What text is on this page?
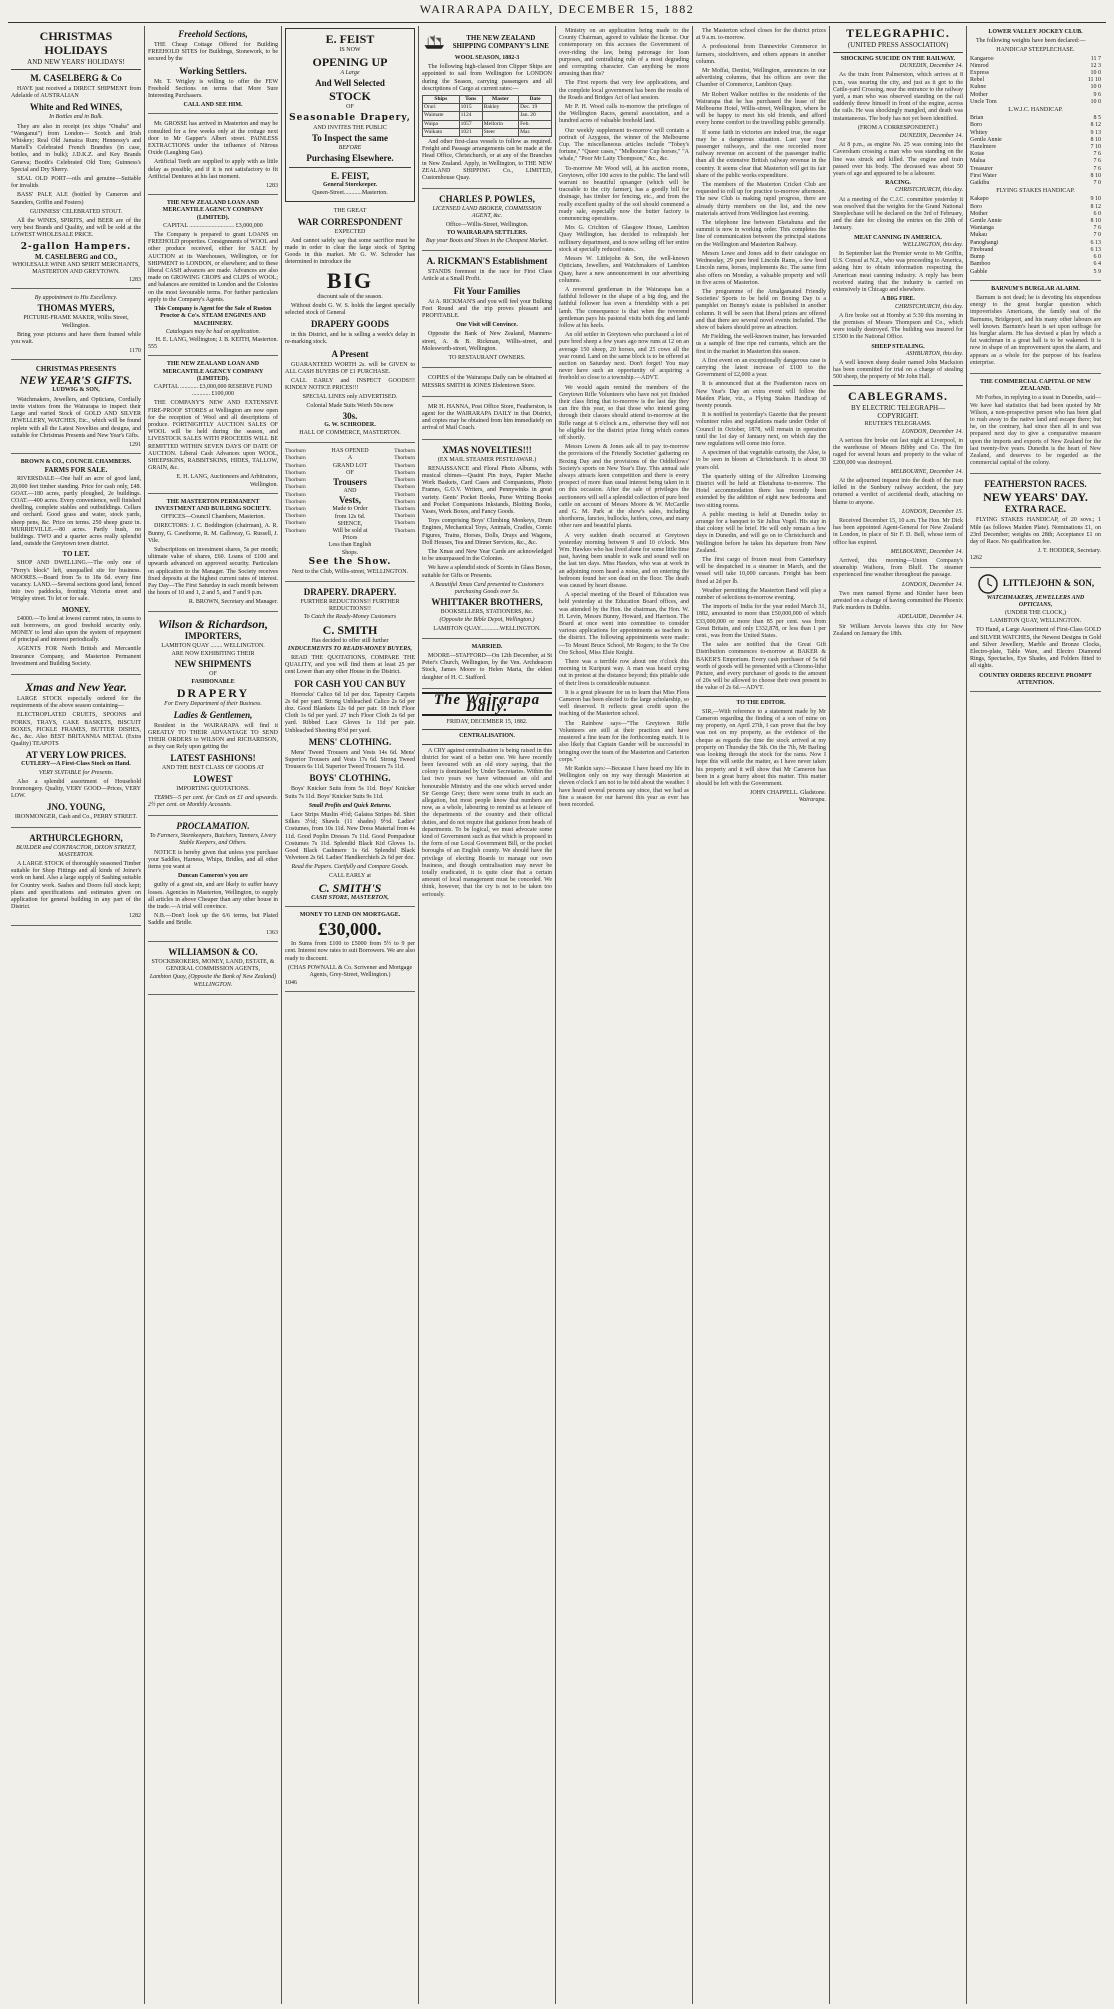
WAIRARAPA DAILY, DECEMBER 15, 1882
CHRISTMAS HOLIDAYS
AND NEW YEARS' HOLIDAYS!
M. CASELBERG & Co

HAVE just received a DIRECT SHIPMENT from Adelaide of AUSTRALIAN

White and Red WINES,
In Bottles and in Bulk.

They are also in receipt (ex ships "Onaba" and "Wanganui") from London— Scotch and Irish Whiskey; Real Old Jamaica Rum; Hennessy's and Martell's Celebrated French Brandies (in case, bottles, and in bulk); J.D.K.Z. and Key Brands Geneva; Booth's Celebrated Old Tom; Guinness's Special and Dry Sherry.

SEAL OLD PORT—oils and genuine—Suitable for invalids

BASS' PALE ALE (bottled by Cameron and Saunders, Griffin and Fosters)

GUINNESS' CELEBRATED STOUT.

All the WINES, SPIRITS, and BEER are of the very best Brands and Quality, and will be sold at the LOWEST WHOLESALE PRICE.

2-gallon Hampers.
M. CASELBERG and CO.,
WHOLESALE WINE AND SPIRIT MERCHANTS, MASTERTON AND GREYTOWN.
1283
By appointment to His Excellency.
THOMAS MYERS,
PICTURE-FRAME MAKER, Willis Street, Wellington.

Bring your pictures and have them framed while you wait.

1170
CHRISTMAS PRESENTS
NEW YEAR'S GIFTS.
LUDWIG & SON,

Watchmakers, Jewellers, and Opticians, Cordially invite visitors from the Wairarapa to inspect their Large and varied Stock of GOLD AND SILVER JEWELLERY, WATCHES, Etc., which will be found replete with all the Latest Novelties and designs, and suitable for Christmas Presents and New Year's Gifts.

1291
BROWN & CO., COUNCIL CHAMBERS.
FARMS FOR SALE.

RIVERSDALE—One half an acre of good land, 20,000 feet timber standing. Price for cash only, £48. GOAT.—180 acres, partly ploughed, 2e buildings. COAT.—400 acres. Every convenience, well finished dwelling, complete stables and outbuildings. Cellars and orchard. Good grass and water, stock yards, sheep pens, &c. Price on terms. 250 sheep graze in. MURRIEVILLE.—80 acres. Partly bush, no buildings. TWO and a quarter acres really splendid land, outside the Greytown town district.

TO LET.

SHOP AND DWELLING.—The only one of "Perry's block" left, unequalled site for business. MOORES.—Board from 5s to 18s 6d. every fine vacancy. LAND.—Several sections good land, fenced into two paddocks, fronting Victoria street and Wrigley street. To let or for sale.

MONEY.

£4000.—To lend at lowest current rates, in sums to suit borrowers, on good freehold security only. MONEY to lend also upon the system of repayment of principal and interest periodically.

AGENTS FOR North British and Mercantile Insurance Company, and Masterton Permanent Investment and Building Society.

Xmas and New Year.

LARGE STOCK especially ordered for the requirements of the above season containing—

ELECTROPLATED CRUETS, SPOONS and FORKS, TRAYS, CAKE BASKETS, BISCUIT BOXES, PICKLE FRAMES, BUTTER DISHES, &c., &c. Also BEST BRITANNIA METAL (Extra Quality) TEAPOTS

AT VERY LOW PRICES.
CUTLERY—A First-Class Stock on Hand.
VERY SUITABLE for Presents.

Also a splendid assortment of Household Ironmongery. Quality, VERY GOOD—Prices, VERY LOW.

JNO. YOUNG,
IRONMONGER, Cash and Co., PERRY STREET.
ARTHURCLEGHORN,
BUILDER and CONTRACTOR, DIXON STREET, MASTERTON.

A LARGE STOCK of thoroughly seasoned Timber suitable for Shop Fittings and all kinds of Joiner's work on hand. Also a large supply of Sashing suitable for Country work. Sashes and Doors full stock kept; plans and specifications and estimates given on application for general building in any part of the District.

1282
Freehold Sections,

THE Cheap Cottage Offered for Building FREEHOLD SITES for Buildings, Stonework, to be secured by the

Working Settlers.

Mr. T. Wrigley is willing to offer the FEW Freehold Sections on terms that More Sure Interesting Purchasers.

CALL AND SEE HIM.

Mr. GROSSE has arrived in Masterton and may be consulted for a few weeks only at the cottage next door to Mr Gapper's Albert street. PAINLESS EXTRACTIONS under the influence of Nitrous Oxide (Laughing Gas).

Artificial Teeth are supplied to apply with as little delay as possible, and if it is not satisfactory to fit Artificial Dentures at his last moment.

1283
THE NEW ZEALAND LOAN AND MERCANTILE AGENCY COMPANY (LIMITED).
CAPITAL .............................. £3,000,000

The Company is prepared to grant LOANS on FREEHOLD properties. Consignments of WOOL and other produce received, either for SALE by AUCTION at its Warehouses, Wellington, or for SHIPMENT to LONDON, or elsewhere; and to these liberal CASH advances are made. Advances are also made on GROWING CROPS and CLIPS of WOOL; and balances are remitted in London and the Colonies on the most favourable terms. For further particulars apply to the Company's Agents.

This Company is Agent for the Sale of Ruston Proctor & Co's. STEAM ENGINES AND MACHINERY.
Catalogues may be had on application.
H. E. LANG, Wellington; J. B. KEITH, Masterton.
555
THE NEW ZEALAND LOAN AND MERCANTILE AGENCY COMPANY (LIMITED).
CAPITAL ............ £3,000,000 RESERVE FUND ............ £100,000

THE COMPANY'S NEW AND EXTENSIVE FIRE-PROOF STORES at Wellington are now open for the reception of Wool and all descriptions of produce. FORTNIGHTLY AUCTION SALES OF WOOL will be held during the season, and LIVESTOCK SALES WITH PROCEEDS WILL BE REMITTED WITHIN SEVEN DAYS OF DATE OF AUCTION. Liberal Cash Advances upon WOOL, SHEEPSKINS, RABBITSKINS, HIDES, TALLOW, GRAIN, &c.

E. H. LANG, Auctioneers and Arbitrators, Wellington.
THE MASTERTON PERMANENT INVESTMENT AND BUILDING SOCIETY.
OFFICES—Council Chambers, Masterton.

DIRECTORS: J. C. Boddington (chairman), A. R. Bunny, G. Cawthorne, R. M. Galloway, G. Russell, J. Vile.

Subscriptions on investment shares, 5s per month; ultimate value of shares, £60. Loans of £100 and upwards advanced on approved security. Particulars on application to the Manager. The Society receives fixed deposits at the highest current rates of interest. Pay Day—The First Saturday in each month between the hours of 10 and 1, 2 and 5, and 7 and 9 p.m.

R. BROWN, Secretary and Manager.
Wilson & Richardson,
IMPORTERS,
LAMBTON QUAY ........ WELLINGTON.
ARE NOW EXHIBITING THEIR
NEW SHIPMENTS
OF
FASHIONABLE
DRAPERY
For Every Department of their Business.
Ladies & Gentlemen,

Resident in the WAIRARAPA will find it GREATLY TO THEIR ADVANTAGE TO SEND THEIR ORDERS to WILSON and RICHARDSON, as they can Rely upon getting the

LATEST FASHIONS!
AND THE BEST CLASS OF GOODS AT
LOWEST
IMPORTING QUOTATIONS.

TERMS—5 per cent. for Cash on £1 and upwards. 2½ per cent. on Monthly Accounts.

PROCLAMATION.
To Farmers, Storekeepers, Butchers, Tanners, Livery Stable Keepers, and Others.

NOTICE is hereby given that unless you purchase your Saddles, Harness, Whips, Bridles, and all other items you want at

Duncan Cameron's you are

guilty of a great sin, and are likely to suffer heavy losses. Agencies in Masterton, Wellington, to supply all articles in above Cheaper than any other house in the trade.—A trial will convince.

N.B.—Don't look up the 6/6 terms, but Plated Saddle and Bridle.

1363
WILLIAMSON & CO.
STOCKBROKERS, MONEY, LAND, ESTATE, & GENERAL COMMISSION AGENTS,
Lambton Quay, (Opposite the Bank of New Zealand) WELLINGTON.
E. FEIST
IS NOW
OPENING UP
A Large
And Well Selected
STOCK
OF
Seasonable Drapery,
AND INVITES THE PUBLIC
To Inspect the same
BEFORE
Purchasing Elsewhere.
E. FEIST,
General Storekeeper.
Queen-Street............Masterton.
THE GREAT
WAR CORRESPONDENT
EXPECTED

And cannot safely say that some sacrifice must be made in order to clear the large stock of Spring Goods in this market. Mr G. W. Schroder has determined to introduce the

BIG
discount sale of the season.

Without doubt G. W. S. holds the largest specially selected stock of General

DRAPERY GOODS

in this District, and he is selling a week's delay in re-marking stock.

A Present

GUARANTEED WORTH 2s. will be GIVEN to ALL CASH BUYERS OF £1 PURCHASE.

CALL EARLY and INSPECT GOODS!!! KINDLY NOTICE PRICES!!!

SPECIAL LINES only ADVERTISED.
Colonial Made Suits Worth 50s now
30s.
G. W. SCHRODER.
HALL OF COMMERCE, MASTERTON.
Thorburn
Thorburn
Thorburn
Thorburn
Thorburn
Thorburn
Thorburn
Thorburn
Thorburn
Thorburn
Thorburn
Thorburn
HAS OPENED
A
GRAND LOT
OF
Trousers
AND
Vests,
Made to Order
from 12s 6d.
SHENCE,
Will be sold at
Prices
Less than English
Shops.
Thorburn
Thorburn
Thorburn
Thorburn
Thorburn
Thorburn
Thorburn
Thorburn
Thorburn
Thorburn
Thorburn
Thorburn
See the Show.
Next to the Club, Willis-street, WELLINGTON.
DRAPERY. DRAPERY.
FURTHER REDUCTIONS!! FURTHER REDUCTIONS!!
To Catch the Ready-Money Customers
C. SMITH
Has decided to offer still further
INDUCEMENTS TO READY-MONEY BUYERS,

READ THE QUOTATIONS, COMPARE THE QUALITY, and you will find them at least 25 per cent Lower than any other House in the District.

FOR CASH YOU CAN BUY

Horrocks' Calico 6d 1d per doz. Tapestry Carpets 2s 6d per yard. Strong Unbleached Calico 2s 6d per doz. Good Blankets 12s 6d per pair. 18 inch Floor Cloth 1s 6d per yard. 27 inch Floor Cloth 2s 6d per yard. Ribbed Lace Gloves 1s 11d per pair. Unbleached Sheeting 8½d per yard.

MENS' CLOTHING.

Mens' Tweed Trousers and Vests 14s 6d. Mens' Superior Trousers and Vests 17s 6d. Strong Tweed Trousers 6s 11d. Superior Tweed Trousers 7s 11d.

BOYS' CLOTHING.

Boys' Knicker Suits from 5s 11d. Boys' Knicker Suits 7s 11d. Boys' Knicker Suits 9s 11d.

Small Profits and Quick Returns.

Lace Strips Muslin 4½d; Galatea Stripes 8d. Shirt Silkes 3½d; Shawls (11 shades) 9½d. Ladies' Costumes, from 10s 11d. New Dress Material from 4s 11d. Good Poplin Dresses 7s 11d. Good Pompadour Costumes 7s 11d. Splendid Black Kid Gloves 1s. Good Black Cashmere 1s 6d. Splendid Black Velveteen 2s 6d. Ladies' Handkerchiefs 2s 6d per doz.

Read the Papers. Cartfully and Compare Goods.
CALL EARLY at
C. SMITH'S
CASH STORE, MASTERTON,
MONEY TO LEND ON MORTGAGE.
£30,000.

In Sums from £100 to £5000 from 5½ to 9 per cent. Interest now rates to suit Borrowers. We are also ready to discount.

(CHAS POWNALL & Co. Scrivener and Mortgage Agents, Grey-Street, Wellington.)
1046
THE NEW ZEALAND SHIPPING COMPANY'S LINE
WOOL SEASON, 1882-3

The following high-classed Iron Clipper Ships are appointed to sail from Wellington for LONDON during the Season, carrying passengers and all descriptions of Cargo at current rates:—

Ships	Tons	Master	Date
Orari	1015	Bakley	Dec. 19
Waimate	1124		Jan. 20
Waipa	1057	Mellorin	Feb.
Waikato	1021	Steer	Mar.

And other first-class vessels to follow as required. Freight and Passage arrangements can be made at the Head Office, Christchurch, or at any of the Branches in New Zealand. Apply, in Wellington, to THE NEW ZEALAND SHIPPING Co., LIMITED, Customhouse Quay.

CHARLES P. POWLES,
LICENSED LAND BROKER, COMMISSION AGENT, &c.
Office—Willis-Street, Wellington.
TO WAIRARAPA SETTLERS.
Buy your Boots and Shoes in the Cheapest Market.
A. RICKMAN'S Establishment

STANDS foremost in the race for First Class Article at a Small Profit.

Fit Your Families

At A. RICKMAN'S and you will feel your Bulking Feet Round and the trip proves pleasant and PROFITABLE.

One Visit will Convince.

Opposite the Bank of New Zealand, Manners-street, A. & B. Rickman, Willis-street, and Molesworth-street, Wellington.

TO RESTAURANT OWNERS.

COPIES of the Wairarapa Daily can be obtained at MESSRS SMITH & JONES Ebdentown Store.

MR H. HANNA, Post Office Store, Featherston, is agent for the WAIRARAPA DAILY in that District, and copies may be obtained from him immediately on arrival of Mail Coach.

XMAS NOVELTIES!!!
(EX MAIL STEAMER PESTEJAWAR.)

RENAISSANCE and Floral Photo Albums, with musical chimes—Quaint Pin trays, Papier Mache Work Baskets, Card Cases and Companions, Photo Frames, G.O.V. Writers, and Pennywinks in great variety. Gents' Pocket Books, Purse Writing Books and Pocket Companions Inkstands, Blotting Books, Vases, Work Boxes, and Fancy Goods.

Toys comprising Boys' Climbing Monkeys, Drum Engines, Mechanical Toys, Animals, Cradles, Comic Figures, Trains, Horses, Dolls, Drays and Wagons, Doll Houses, Tea and Dinner Services, &c., &c.

The Xmas and New Year Cards are acknowledged to be unsurpassed in the Colonies.

We have a splendid stock of Scents in Glass Boxes, suitable for Gifts or Presents.

A Beautiful Xmas Card presented to Customers purchasing Goods over 5s.
WHITTAKER BROTHERS,
BOOKSELLERS, STATIONERS, &c.
(Opposite the Bible Depot, Wellington.)
LAMBTON QUAY.............WELLINGTON.
MARRIED.

MOORE—STAFFORD—On 12th December, at St Peter's Church, Wellington, by the Ven. Archdeacon Stock, James Moore to Helen Maria, the eldest daughter of H. C. Stafford.

The Wairarapa Daily.
FRIDAY, DECEMBER 15, 1882.
CENTRALISATION.

A CRY against centralisation is being raised in this district for want of a better one. We have recently been favoured with an old story saying, that the colony is dominated by Under Secretaries. Within the last two years we have witnessed an old and honourable Ministry and the one which served under Sir George Grey; there were some truth in such an allegation, but most people know that numbers are now, as a whole, labouring to remind us at leisure of the departments of the country and their official duties, and do not require that guidance from heads of departments. To be logical, we must advocate some kind of Government such as that which is proposed in the form of our Local Government Bill, or the pocket boroughs of an English county. We should have the privilege of electing Boards to manage our own business, and though centralisation may never be totally eradicated, it is quite clear that a certain amount of local management must be conceded. We think, however, that the cry is not to be taken too seriously.

Ministry on an application being made to the County Chairman, agreed to validate the license. Our contemporary on this accuses the Government of over-riding the law, being patronage for loan purposes, and centralising rule of a most degrading and corrupting character. Can anything be more amusing than this?

The First reports that very few applications, and the complete local government has been the results of the Roads and Bridges Act of last session.

Mr P. H. Wood calls to-morrow the privileges of the Wellington Races, general association, and a hundred acres of valuable freehold land.

Our weekly supplement to-morrow will contain a portrait of Azygous, the winner of the Melbourne Cup. The miscellaneous articles include "Tobey's fortune," "Queer cases," "Melbourne Cup horses," "A whale," "Poor Mr Laity Thompson," &c., &c.

To-morrow Mr Wood will, at his auction rooms, Greytown, offer 100 acres to the public. The land will warrant no beautiful upsanger (which will be traceable to the city farmer), has a goodly bill for drainage, has timber for fencing, etc., and from the really excellent quality of the soil should commend a ready sale, especially now the butter factory is commencing operations.

Mrs G. Crichton of Glasgow House, Lambton Quay Wellington, has decided to relinquish her millinery department, and is now selling off her entire stock at specially reduced rates.

Messrs W. Littlejohn & Son, the well-known Opticians, Jewellers, and Watchmakers of Lambton Quay, have a new announcement in our advertising columns.

A reverend gentleman in the Wairarapa has a faithful follower in the shape of a big dog, and the faithful follower has even a friendship with a pet lamb. The consequence is that when the reverend gentleman pays his pastoral visits both dog and lamb follow at his heels.

An old settler in Greytown who purchased a lot of pure bred sheep a few years ago now runs at 12 on an average 150 sheep, 20 horses, and 25 cows all the year round. Land on the same block is to be offered at auction on Saturday next. Don't forget! You may never have such an opportunity of acquiring a freehold so close to a township.—ADVT.

We would again remind the members of the Greytown Rifle Volunteers who have not yet finished their class firing that to-morrow is the last day they can fire this year, so that those who intend going through their classes should attend to-morrow at the Rifle range at 6 o'clock a.m., otherwise they will not be eligible for the district prize firing which comes off shortly.

Messrs Lowes & Jones ask all to pay to-morrow the provisions of the Friendly Societies' gathering on Boxing Day and the provisions of the Oddfellows' Society's sports on New Year's Day. This annual sale always attracts keen competition and there is every prospect of more than usual interest being taken in it on this occasion. After the sale of privileges the auctioneers will sell a splendid collection of pure bred cattle on account of Messrs Moore & W. McCardle and G. M. Park at the show's sales, including shorthorns, fancies, bullocks, heifers, cows, and many other rare and beautiful plants.

A very sudden death occurred at Greytown yesterday morning between 9 and 10 o'clock. Mrs Wm. Hawkes who has lived alone for some little time past, having been unable to walk and sound well on the last ten days. Miss Hawkes, who was at work in an adjoining room heard a noise, and on entering the bedroom found her son dead on the floor. The death was caused by heart disease.

A special meeting of the Board of Education was held yesterday at the Education Board offices, and was attended by the Hon. the chairman, the Hon. W. H. Levin, Messrs Bunny, Howard, and Harrison. The Board at once went into committee to consider various applications for appointments as teachers in the district. The following appointments were made:—To Mount Bruce School, Mr Rogers; to the Te Ore Ore School, Miss Elsie Knight.

There was a terrible row about one o'clock this morning in Kuripuni way. A man was heard crying out in protest at the distance beyond; this pitiable side of their lives is considerable nuisance.

It is a great pleasure for us to learn that Miss Flora Cameron has been elected to the large scholarship, so well deserved. It reflects great credit upon the teaching of the Masterton school.

The Rainbow says—"The Greytown Rifle Volunteers are still at their practices and have mustered a fine team for the forthcoming match. It is also likely that Captain Gander will be successful in bringing over the team of the Masterton and Carterton corps."

Mr Rankin says:—Because I have heard my life in Wellington only on my way through Masterton at eleven o'clock I am not to be told about the weather. I have heard several persons say since, that we had as fine a season for our harvest this year as ever has been recorded.

The Masterton school closes for the district prizes at 9 a.m. to-morrow.

A professional from Dannevirke Commerce to farmers, stockdrivers, and others appears in another column.

Mr Moffat, Dentist, Wellington, announces in our advertising columns, that his offices are over the Chamber of Commerce, Lambton Quay.

Mr Robert Walker notifies to the residents of the Wairarapa that he has purchased the lease of the Melbourne Hotel, Willis-street, Wellington, where he will be happy to meet his old friends, and afford every home comfort to the travelling public generally.

If some faith in victories are indeed true, the sugar may be a dangerous situation. Last year four passenger railways, and the one recorded more railway revenue on account of the passenger traffic than all the extensive British railway revenue in the country. It seems clear that Masterton will get its fair share of the public works expenditure.

The members of the Masterton Cricket Club are requested to roll up for practice to-morrow afternoon. The new Club is making rapid progress, there are already thirty members on the list, and the new materials arrived from Wellington last evening.

The telephone line between Eketahuna and the summit is now in working order. This completes the line of communication between the principal stations on the Wellington and Masterton Railway.

Messrs Lowe and Jones add to their catalogue on Wednesday, 29 pure bred Lincoln Rams, a few bred Lincoln rams, horses, implements &c. The same firm also offers on Monday, a valuable property and will in five acres of Masterton.

The programme of the Amalgamated Friendly Societies' Sports to be held on Boxing Day is a pamphlet on Bunny's estate is published in another column. It will be seen that liberal prizes are offered and that there are several novel events included. The show of bakers should prove an attraction.

Mr Fielding, the well-known trainer, has forwarded us a sample of fine ripe red currants, which are the first in the market in Masterton this season.

A first event on an exceptionally dangerous case is carrying the latest increase of £100 to the Government of £2,000 a year.

It is announced that at the Featherston races on New Year's Day an extra event will follow the Maiden Plate, viz., a Flying Stakes Handicap of twenty pounds.

It is notified in yesterday's Gazette that the present volunteer rules and regulations made under Order of Council in October, 1878, will remain in operation until the 1st day of January next, on which day the new regulations will come into force.

A specimen of that vegetable curiosity, the Aloe, is to be seen in bloom at Christchurch. It is about 30 years old.

The quarterly sitting of the Alfredton Licensing District will be held at Eketahuna to-morrow. The Hotel accommodation there has recently been extended by the addition of eight new bedrooms and two sitting rooms.

A public meeting is held at Dunedin today to arrange for a banquet to Sir Julius Vogel. His stay in that colony will be brief. He will only remain a few days in Dunedin, and will go on to Christchurch and Wellington before he takes his departure from New Zealand.

The first cargo of frozen meat from Canterbury will be despatched in a steamer in March, and the vessel will take 10,000 carcases. Freight has been fixed at 2d per lb.

Weather permitting the Masterton Band will play a number of selections to-morrow evening.

The imports of India for the year ended March 31, 1882, amounted to more than £50,000,000 of which £33,000,000 or more than 85 per cent. was from Great Britain, and only £332,878, or less than 1 per cent., was from the United States.

The sales are notified that the Great Gift Distribution commences to-morrow at BAKER & BAKER'S Emporium. Every cash purchaser of 5s 6d worth of goods will be presented with a Chromo-litho Picture, and every purchaser of goods to the amount of 20s will be allowed to choose their own present to the value of 2s 6d.—ADVT.

TO THE EDITOR.

SIR,—With reference to a statement made by Mr Cameron regarding the finding of a son of mine on my property, on April 27th, I can prove that the boy was not on my property, as the evidence of the cheque as regards the time the stock arrived at my property on Thursday the 5th. On the 7th, Mr Barling was looking through the stock for the rams. Now I hope this will settle the matter, as I have never taken his property and it will show that Mr Cameron has been in a great hurry about this matter. This matter should be left with the Government.

JOHN CHAPPELL. Gladstone.
Wairarapa.
TELEGRAPHIC.
(UNITED PRESS ASSOCIATION)
SHOCKING SUICIDE ON THE RAILWAY.
DUNEDIN, December 14.

As the train from Palmerston, which arrives at 8 p.m., was nearing the city, and just as it got to the Cattle-yard Crossing, near the entrance to the railway yard, a man who was observed standing on the rail suddenly threw himself in front of the engine, across the rails. He was shockingly mangled, and death was instantaneous. The body has not yet been identified.

(FROM A CORRESPONDENT.)
DUNEDIN, December 14.

At 8 p.m., as engine No. 25 was coming into the Caversham crossing a man who was standing on the line was struck and killed. The engine and train passed over his body. The deceased was about 50 years of age and appeared to be a labourer.

RACING.
CHRISTCHURCH, this day.

At a meeting of the C.J.C. committee yesterday it was resolved that the weights for the Grand National Steeplechase will be declared on the 3rd of February, and the date for closing the entries on the 20th of January.

MEAT CANNING IN AMERICA.
WELLINGTON, this day.

In September last the Premier wrote to Mr Griffin, U.S. Consul at N.Z., who was proceeding to America, asking him to obtain information respecting the American meat canning industry. A reply has been received stating that the industry is carried on extensively in Chicago and elsewhere.

A BIG FIRE.
CHRISTCHURCH, this day.

A fire broke out at Hornby at 5:30 this morning in the premises of Messrs Thompson and Co., which were totally destroyed. The building was insured for £1500 in the National Office.

SHEEP STEALING.
ASHBURTON, this day.

A well known sheep dealer named John Macksion has been committed for trial on a charge of stealing 500 sheep, the property of Mr John Hall.

CABLEGRAMS.
BY ELECTRIC TELEGRAPH—COPYRIGHT.
REUTER'S TELEGRAMS.
LONDON, December 14.

A serious fire broke out last night at Liverpool, in the warehouse of Messrs Bibby and Co. The fire raged for several hours and property to the value of £200,000 was destroyed.

MELBOURNE, December 14.

At the adjourned inquest into the death of the man killed in the Sunbury railway accident, the jury returned a verdict of accidental death, attaching no blame to anyone.

LONDON, December 15.

Received December 15, 10 a.m. The Hon. Mr Dick has been appointed Agent-General for New Zealand in London, in place of Sir F. D. Bell, whose term of office has expired.

MELBOURNE, December 14.

Arrived, this morning—Union Company's steamship Waihora, from Bluff. The steamer experienced fine weather throughout the passage.

LONDON, December 14.

Two men named Byrne and Kinder have been arrested on a charge of having committed the Phoenix Park murders in Dublin.

ADELAIDE, December 14.

Sir William Jervois leaves this city for New Zealand on January the 18th.

LOWER VALLEY JOCKEY CLUB.

The following weights have been declared:—

HANDICAP STEEPLECHASE.
Kangaroo	11 7
Nimrod	12 3
Express	10 0
Rebel	11 10
Kuhne	10 0
Mother	9 6
Uncle Tom	10 0
L.W.J.C. HANDICAP.
Brian	8 5
Boro	8 12
Whitey	9 13
Gentle Annie	8 10
Hazelmere	7 10
Kotae	7 6
Malua	7 6
Treasurer	7 6
First Water	8 10
Gaiktbu	7 0
FLYING STAKES HANDICAP.
Kakapo	9 10
Boro	8 12
Mother	6 0
Gentle Annie	8 10
Wanianga	7 6
Mukau	7 0
Panoghangi	6 13
Firebrand	6 13
Bump	6 0
Bamboo	6 4
Gabble	5 9
BARNUM'S BURGLAR ALARM.

Barnum is not dead; he is devoting his stupendous energy to the great burglar question which impoverishes Americans, the family seat of the Barnums, Bridgeport, and his many other labours are well known. Barnum's heart is set upon suffrage for his burglar alarm. He has devised a plan by which a fat watchman in a great hall is to be wakened. It is now in shape of an improvement upon the alarm, and appears as a whole for the purpose of his fearless enterprise.

THE COMMERCIAL CAPITAL OF NEW ZEALAND.

Mr Forbes, in replying to a toast in Dunedin, said—We have had statistics that had been quoted by Mr Wilson, a non-prospective person who has been glad to rush away to the native land and escape there; but he, on the contrary, had since then all in and was prepared next day to give a comparative measure upon the imports and exports of New Zealand for the last twenty-five years. Dunedin is the heart of New Zealand, and deserves to be regarded as the commercial capital of the colony.

FEATHERSTON RACES.
NEW YEARS' DAY.
EXTRA RACE.

FLYING STAKES HANDICAP, of 20 sovs.; 1 Mile (as follows Maiden Plate). Nominations £1, on 23rd December; weights on 28th; Acceptance £1 on day of Race. No qualification fee.

J. T. HODDER, Secretary.
1262
LITTLEJOHN & SON,
WATCHMAKERS, JEWELLERS AND OPTICIANS,
(UNDER THE CLOCK,)
LAMBTON QUAY, WELLINGTON.

TO Hand, a Large Assortment of First-Class GOLD and SILVER WATCHES, the Newest Designs in Gold and Silver Jewellery, Marble and Bronze Clocks, Electro-plate, Table Ware, and Electro Diamond Rings, Spectacles, Eye Shades, and Folders fitted to all sights.

COUNTRY ORDERS RECEIVE PROMPT ATTENTION.
